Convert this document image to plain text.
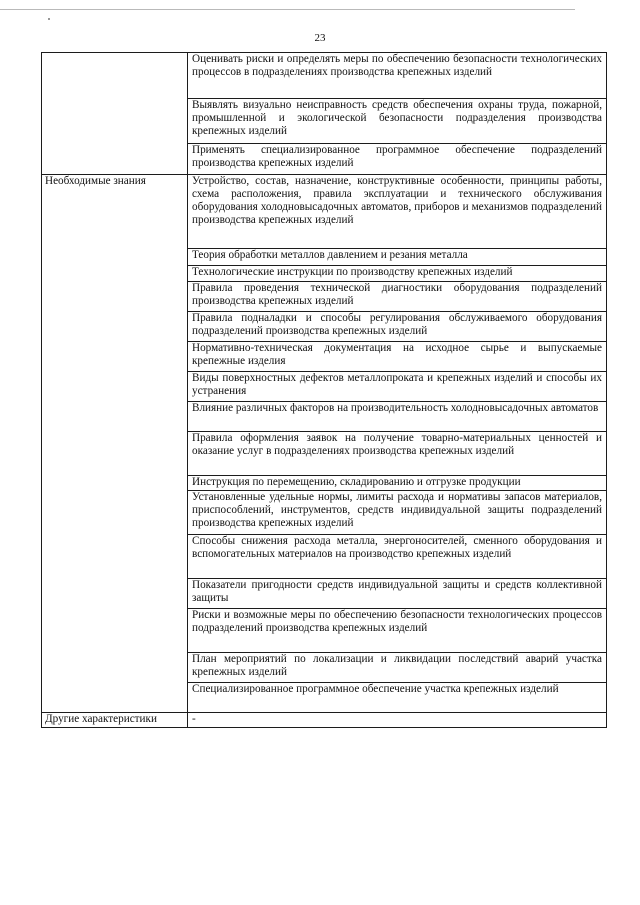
23
	Оценивать риски и определять меры по обеспечению безопасности технологических процессов в подразделениях производства крепежных изделий
	Выявлять визуально неисправность средств обеспечения охраны труда, пожарной, промышленной и экологической безопасности подразделения производства крепежных изделий
	Применять специализированное программное обеспечение подразделений производства крепежных изделий
Необходимые знания	Устройство, состав, назначение, конструктивные особенности, принципы работы, схема расположения, правила эксплуатации и технического обслуживания оборудования холодновысадочных автоматов, приборов и механизмов подразделений производства крепежных изделий
	Теория обработки металлов давлением и резания металла
	Технологические инструкции по производству крепежных изделий
	Правила проведения технической диагностики оборудования подразделений производства крепежных изделий
	Правила подналадки и способы регулирования обслуживаемого оборудования подразделений производства крепежных изделий
	Нормативно-техническая документация на исходное сырье и выпускаемые крепежные изделия
	Виды поверхностных дефектов металлопроката и крепежных изделий и способы их устранения
	Влияние различных факторов на производительность холодновысадочных автоматов
	Правила оформления заявок на получение товарно-материальных ценностей и оказание услуг в подразделениях производства крепежных изделий
	Инструкция по перемещению, складированию и отгрузке продукции
	Установленные удельные нормы, лимиты расхода и нормативы запасов материалов, приспособлений, инструментов, средств индивидуальной защиты подразделений производства крепежных изделий
	Способы снижения расхода металла, энергоносителей, сменного оборудования и вспомогательных материалов на производство крепежных изделий
	Показатели пригодности средств индивидуальной защиты и средств коллективной защиты
	Риски и возможные меры по обеспечению безопасности технологических процессов подразделений производства крепежных изделий
	План мероприятий по локализации и ликвидации последствий аварий участка крепежных изделий
	Специализированное программное обеспечение участка крепежных изделий
Другие характеристики	-
